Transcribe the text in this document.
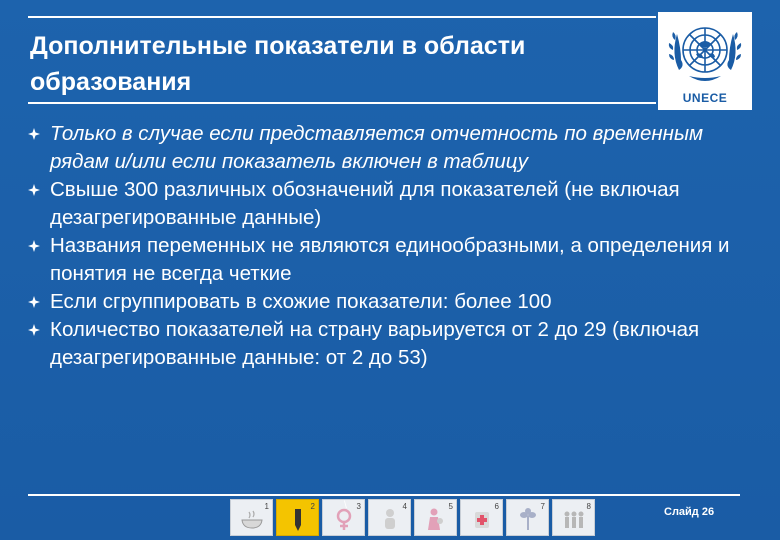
Дополнительные показатели в области образования
UNECE
Только в случае если представляется отчетность по временным рядам и/или если показатель включен в таблицу
Свыше 300 различных обозначений для показателей (не включая дезагрегированные данные)
Названия переменных не являются единообразными, а определения и понятия не всегда четкие
Если сгруппировать в схожие показатели: более 100
Количество показателей на страну варьируется от 2 до 29 (включая дезагрегированные данные: от 2 до 53)
1	2	3	4	5	6	7	8
\
Слайд 26
